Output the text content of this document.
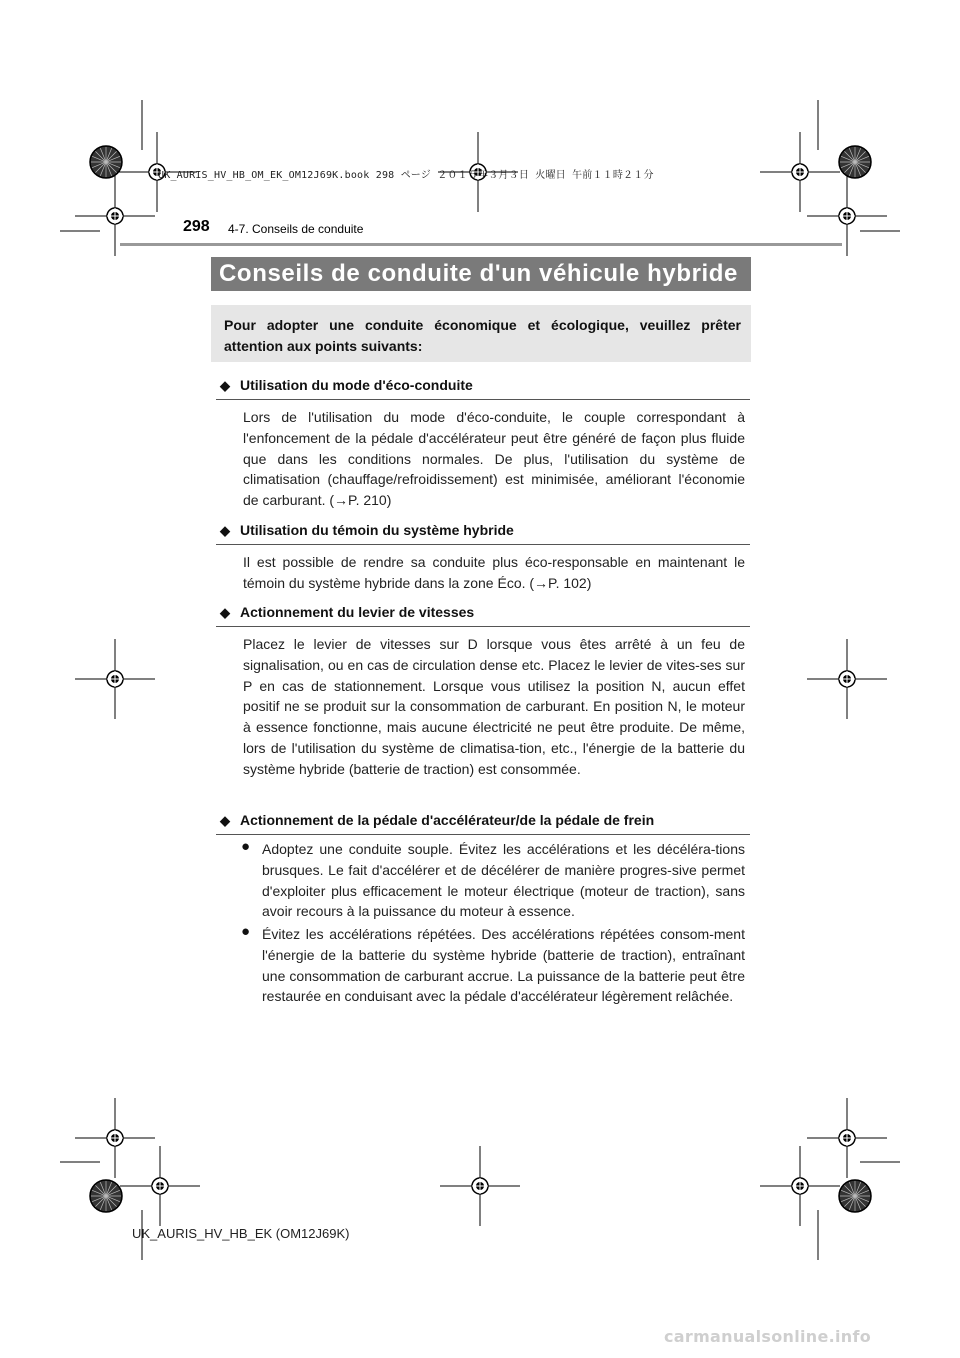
UK_AURIS_HV_HB_OM_EK_OM12J69K.book 298 ページ ２０１５年３月３日 火曜日 午前１１時２１分
298 4-7. Conseils de conduite
Conseils de conduite d'un véhicule hybride
Pour adopter une conduite économique et écologique, veuillez prêter attention aux points suivants:
◆ Utilisation du mode d'éco-conduite
Lors de l'utilisation du mode d'éco-conduite, le couple correspondant à l'enfoncement de la pédale d'accélérateur peut être généré de façon plus fluide que dans les conditions normales. De plus, l'utilisation du système de climatisation (chauffage/refroidissement) est minimisée, améliorant l'économie de carburant. (→P. 210)
◆ Utilisation du témoin du système hybride
Il est possible de rendre sa conduite plus éco-responsable en maintenant le témoin du système hybride dans la zone Éco. (→P. 102)
◆ Actionnement du levier de vitesses
Placez le levier de vitesses sur D lorsque vous êtes arrêté à un feu de signalisation, ou en cas de circulation dense etc. Placez le levier de vites-ses sur P en cas de stationnement. Lorsque vous utilisez la position N, aucun effet positif ne se produit sur la consommation de carburant. En position N, le moteur à essence fonctionne, mais aucune électricité ne peut être produite. De même, lors de l'utilisation du système de climatisa-tion, etc., l'énergie de la batterie du système hybride (batterie de traction) est consommée.
◆ Actionnement de la pédale d'accélérateur/de la pédale de frein
● Adoptez une conduite souple. Évitez les accélérations et les décéléra-tions brusques. Le fait d'accélérer et de décélérer de manière progres-sive permet d'exploiter plus efficacement le moteur électrique (moteur de traction), sans avoir recours à la puissance du moteur à essence.
● Évitez les accélérations répétées. Des accélérations répétées consom-ment l'énergie de la batterie du système hybride (batterie de traction), entraînant une consommation de carburant accrue. La puissance de la batterie peut être restaurée en conduisant avec la pédale d'accélérateur légèrement relâchée.
UK_AURIS_HV_HB_EK (OM12J69K)
carmanualsonline.info
